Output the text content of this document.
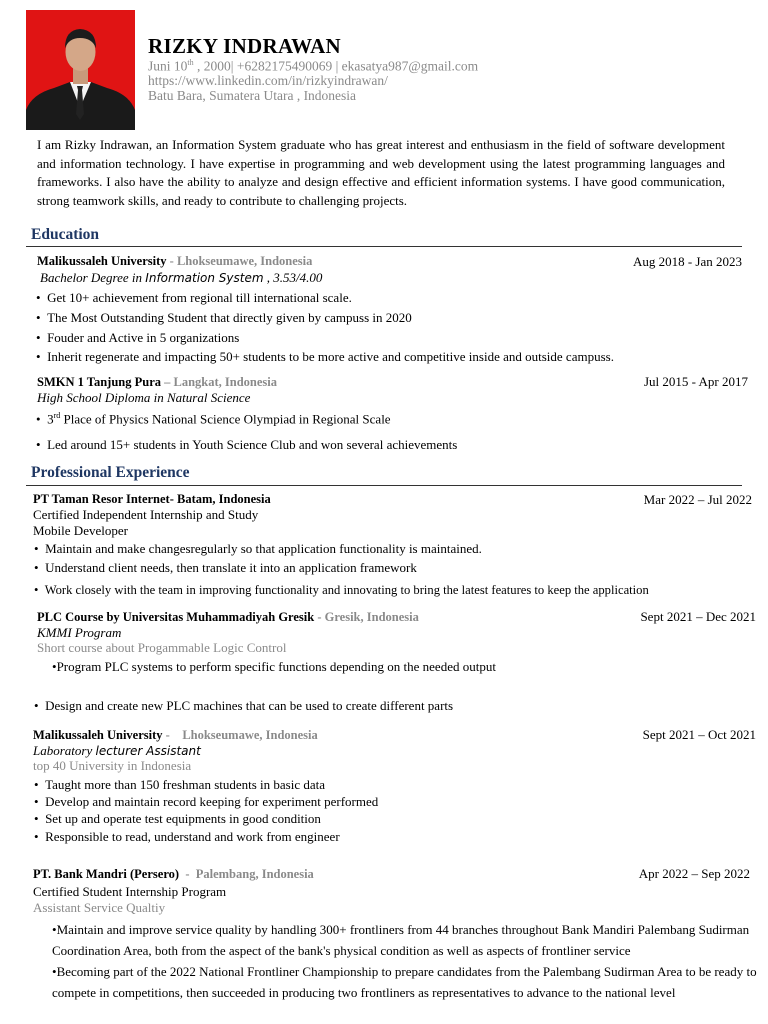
RIZKY INDRAWAN
Juni 10th , 2000| +6282175490069 | ekasatya987@gmail.com
https://www.linkedin.com/in/rizkyindrawan/
Batu Bara, Sumatera Utara , Indonesia
I am Rizky Indrawan, an Information System graduate who has great interest and enthusiasm in the field of software development and information technology. I have expertise in programming and web development using the latest programming languages and frameworks. I also have the ability to analyze and design effective and efficient information systems. I have good communication, strong teamwork skills, and ready to contribute to challenging projects.
Education
Malikussaleh University - Lhokseumawe, Indonesia	Aug 2018 - Jan 2023
Bachelor Degree in Information System , 3.53/4.00
• Get 10+ achievement from regional till international scale.
• The Most Outstanding Student that directly given by campuss in 2020
• Fouder and Active in 5 organizations
• Inherit regenerate and impacting 50+ students to be more active and competitive inside and outside campuss.
SMKN 1 Tanjung Pura – Langkat, Indonesia	Jul 2015 - Apr 2017
High School Diploma in Natural Science
• 3rd Place of Physics National Science Olympiad in Regional Scale
• Led around 15+ students in Youth Science Club and won several achievements
Professional Experience
PT Taman Resor Internet- Batam, Indonesia	Mar 2022 – Jul 2022
Certified Independent Internship and Study
Mobile Developer
• Maintain and make changesregularly so that application functionality is maintained.
• Understand client needs, then translate it into an application framework
• Work closely with the team in improving functionality and innovating to bring the latest features to keep the application
PLC Course by Universitas Muhammadiyah Gresik - Gresik, Indonesia	Sept 2021 – Dec 2021
KMMI Program
Short course about Progammable Logic Control
•Program PLC systems to perform specific functions depending on the needed output
• Design and create new PLC machines that can be used to create different parts
Malikussaleh University -    Lhokseumawe, Indonesia	Sept 2021 – Oct 2021
Laboratory lecturer Assistant
top 40 University in Indonesia
• Taught more than 150 freshman students in basic data
• Develop and maintain record keeping for experiment performed
• Set up and operate test equipments in good condition
• Responsible to read, understand and work from engineer
PT. Bank Mandri (Persero)  -  Palembang, Indonesia	Apr 2022 – Sep 2022
Certified Student Internship Program
Assistant Service Qualtiy
•Maintain and improve service quality by handling 300+ frontliners from 44 branches throughout Bank Mandiri Palembang Sudirman Coordination Area, both from the aspect of the bank's physical condition as well as aspects of frontliner service
•Becoming part of the 2022 National Frontliner Championship to prepare candidates from the Palembang Sudirman Area to be ready to compete in competitions, then succeeded in producing two frontliners as representatives to advance to the national level
